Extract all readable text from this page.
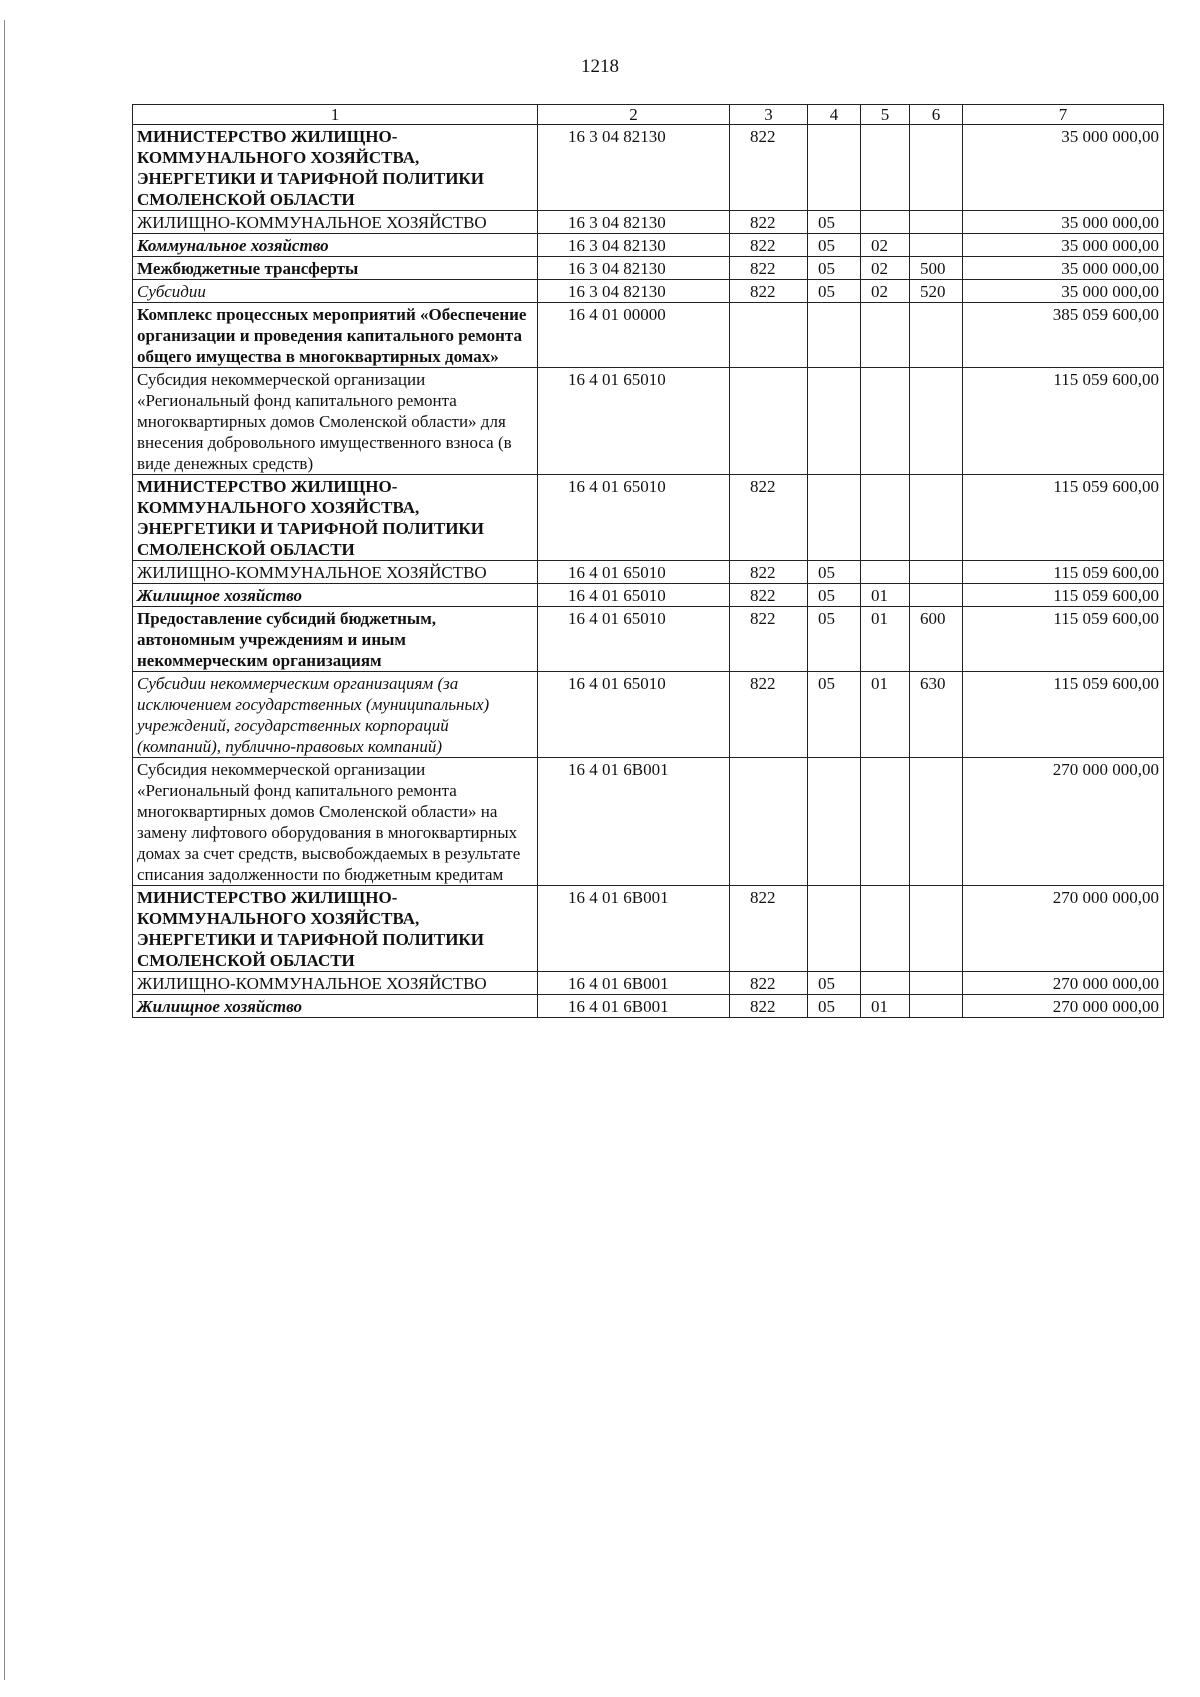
1218
1	2	3	4	5	6	7
МИНИСТЕРСТВО ЖИЛИЩНО-КОММУНАЛЬНОГО ХОЗЯЙСТВА, ЭНЕРГЕТИКИ И ТАРИФНОЙ ПОЛИТИКИ СМОЛЕНСКОЙ ОБЛАСТИ	16 3 04 82130	822				35 000 000,00
ЖИЛИЩНО-КОММУНАЛЬНОЕ ХОЗЯЙСТВО	16 3 04 82130	822	05			35 000 000,00
Коммунальное хозяйство	16 3 04 82130	822	05	02		35 000 000,00
Межбюджетные трансферты	16 3 04 82130	822	05	02	500	35 000 000,00
Субсидии	16 3 04 82130	822	05	02	520	35 000 000,00
Комплекс процессных мероприятий «Обеспечение организации и проведения капитального ремонта общего имущества в многоквартирных домах»	16 4 01 00000					385 059 600,00
Субсидия некоммерческой организации «Региональный фонд капитального ремонта многоквартирных домов Смоленской области» для внесения добровольного имущественного взноса (в виде денежных средств)	16 4 01 65010					115 059 600,00
МИНИСТЕРСТВО ЖИЛИЩНО-КОММУНАЛЬНОГО ХОЗЯЙСТВА, ЭНЕРГЕТИКИ И ТАРИФНОЙ ПОЛИТИКИ СМОЛЕНСКОЙ ОБЛАСТИ	16 4 01 65010	822				115 059 600,00
ЖИЛИЩНО-КОММУНАЛЬНОЕ ХОЗЯЙСТВО	16 4 01 65010	822	05			115 059 600,00
Жилищное хозяйство	16 4 01 65010	822	05	01		115 059 600,00
Предоставление субсидий бюджетным, автономным учреждениям и иным некоммерческим организациям	16 4 01 65010	822	05	01	600	115 059 600,00
Субсидии некоммерческим организациям (за исключением государственных (муниципальных) учреждений, государственных корпораций (компаний), публично-правовых компаний)	16 4 01 65010	822	05	01	630	115 059 600,00
Субсидия некоммерческой организации «Региональный фонд капитального ремонта многоквартирных домов Смоленской области» на замену лифтового оборудования в многоквартирных домах за счет средств, высвобождаемых в результате списания задолженности по бюджетным кредитам	16 4 01 6В001					270 000 000,00
МИНИСТЕРСТВО ЖИЛИЩНО-КОММУНАЛЬНОГО ХОЗЯЙСТВА, ЭНЕРГЕТИКИ И ТАРИФНОЙ ПОЛИТИКИ СМОЛЕНСКОЙ ОБЛАСТИ	16 4 01 6В001	822				270 000 000,00
ЖИЛИЩНО-КОММУНАЛЬНОЕ ХОЗЯЙСТВО	16 4 01 6В001	822	05			270 000 000,00
Жилищное хозяйство	16 4 01 6В001	822	05	01		270 000 000,00
